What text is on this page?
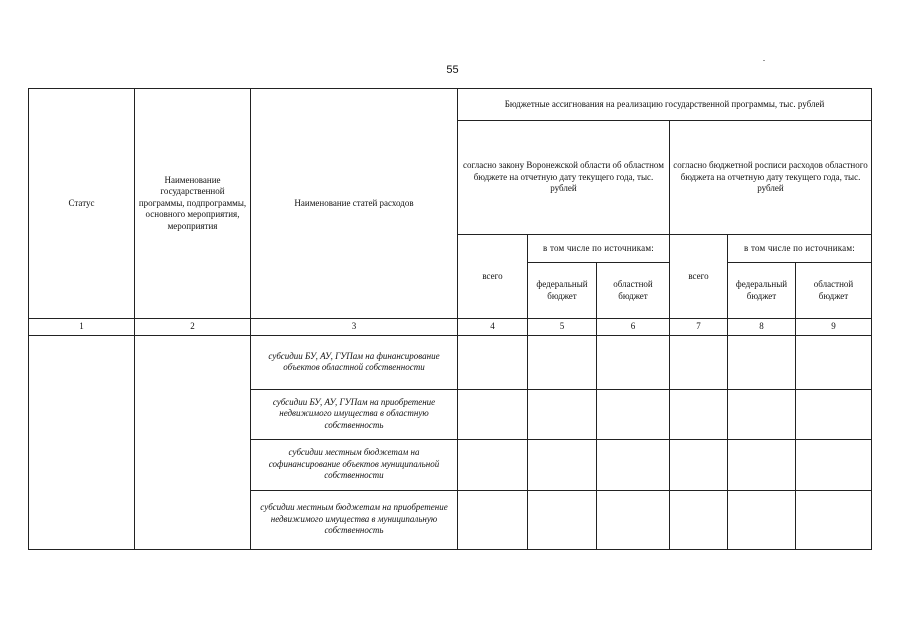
55
Статус	Наименование государственной программы, подпрограммы, основного мероприятия, мероприятия	Наименование статей расходов	Бюджетные ассигнования на реализацию государственной программы, тыс. рублей					
			согласно закону Воронежской области об областном бюджете на отчетную дату текущего года, тыс. рублей			согласно бюджетной росписи расходов областного бюджета на отчетную дату текущего года, тыс. рублей		
			всего	в том числе по источникам:		всего	в том числе по источникам:	
				федеральный бюджет	областной бюджет		федеральный бюджет	областной бюджет
1	2	3	4	5	6	7	8	9
		субсидии БУ, АУ, ГУПам на финансирование объектов областной собственности						
		субсидии БУ, АУ, ГУПам на приобретение недвижимого имущества в областную собственность						
		субсидии местным бюджетам на софинансирование объектов муниципальной собственности						
		субсидии местным бюджетам на приобретение недвижимого имущества в муниципальную собственность						
